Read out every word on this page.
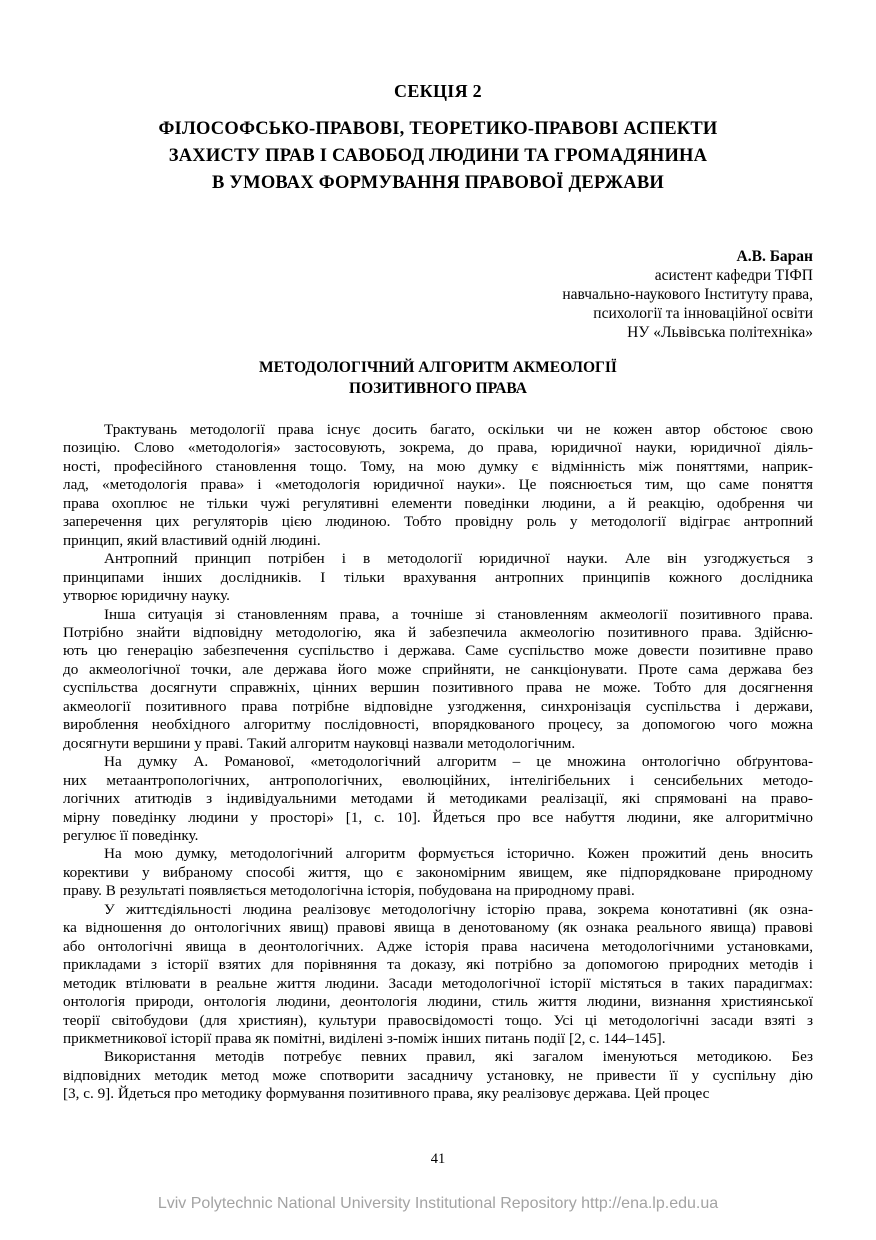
СЕКЦІЯ 2
ФІЛОСОФСЬКО-ПРАВОВІ, ТЕОРЕТИКО-ПРАВОВІ АСПЕКТИ
ЗАХИСТУ ПРАВ І САВОБОД ЛЮДИНИ ТА ГРОМАДЯНИНА
В УМОВАХ ФОРМУВАННЯ ПРАВОВОЇ ДЕРЖАВИ
А.В. Баран
асистент кафедри ТІФП
навчально-наукового Інституту права,
психології та інноваційної освіти
НУ «Львівська політехніка»
МЕТОДОЛОГІЧНИЙ АЛГОРИТМ АКМЕОЛОГІЇ
ПОЗИТИВНОГО ПРАВА
Трактувань методології права існує досить багато, оскільки чи не кожен автор обстоює свою
позицію. Слово «методологія» застосовують, зокрема, до права, юридичної науки, юридичної діяль-
ності, професійного становлення тощо. Тому, на мою думку є відмінність між поняттями, наприк-
лад, «методологія права» і «методологія юридичної науки». Це пояснюється тим, що саме поняття
права охоплює не тільки чужі регулятивні елементи поведінки людини, а й реакцію, одобрення чи
заперечення цих регуляторів цією людиною. Тобто провідну роль у методології відіграє антропний
принцип, який властивий одній людині.
Антропний принцип потрібен і в методології юридичної науки. Але він узгоджується з
принципами інших дослідників. І тільки врахування антропних принципів кожного дослідника
утворює юридичну науку.
Інша ситуація зі становленням права, а точніше зі становленням акмеології позитивного права.
Потрібно знайти відповідну методологію, яка й забезпечила акмеологію позитивного права. Здійсню-
ють цю генерацію забезпечення суспільство і держава. Саме суспільство може довести позитивне право
до акмеологічної точки, але держава його може сприйняти, не санкціонувати. Проте сама держава без
суспільства досягнути справжніх, цінних вершин позитивного права не може. Тобто для досягнення
акмеології позитивного права потрібне відповідне узгодження, синхронізація суспільства і держави,
вироблення необхідного алгоритму послідовності, впорядкованого процесу, за допомогою чого можна
досягнути вершини у праві. Такий алгоритм науковці назвали методологічним.
На думку А. Романової, «методологічний алгоритм – це множина онтологічно обґрунтова-
них метаантропологічних, антропологічних, еволюційних, інтелігібельних і сенсибельних методо-
логічних атитюдів з індивідуальними методами й методиками реалізації, які спрямовані на право-
мірну поведінку людини у просторі» [1, с. 10]. Йдеться про все набуття людини, яке алгоритмічно
регулює її поведінку.
На мою думку, методологічний алгоритм формується історично. Кожен прожитий день вносить
корективи у вибраному способі життя, що є закономірним явищем, яке підпорядковане природному
праву. В результаті появляється методологічна історія, побудована на природному праві.
У життєдіяльності людина реалізовує методологічну історію права, зокрема конотативні (як озна-
ка відношення до онтологічних явищ) правові явища в денотованому (як ознака реального явища) правові
або онтологічні явища в деонтологічних. Адже історія права насичена методологічними установками,
прикладами з історії взятих для порівняння та доказу, які потрібно за допомогою природних методів і
методик втілювати в реальне життя людини. Засади методологічної історії містяться в таких парадигмах:
онтологія природи, онтологія людини, деонтологія людини, стиль життя людини, визнання християнської
теорії світобудови (для християн), культури правосвідомості тощо. Усі ці методологічні засади взяті з
прикметникової історії права як помітні, виділені з-поміж інших питань події [2, с. 144–145].
Використання методів потребує певних правил, які загалом іменуються методикою. Без
відповідних методик метод може спотворити засадничу установку, не привести її у суспільну дію
[3, с. 9]. Йдеться про методику формування позитивного права, яку реалізовує держава. Цей процес
41
Lviv Polytechnic National University Institutional Repository http://ena.lp.edu.ua
